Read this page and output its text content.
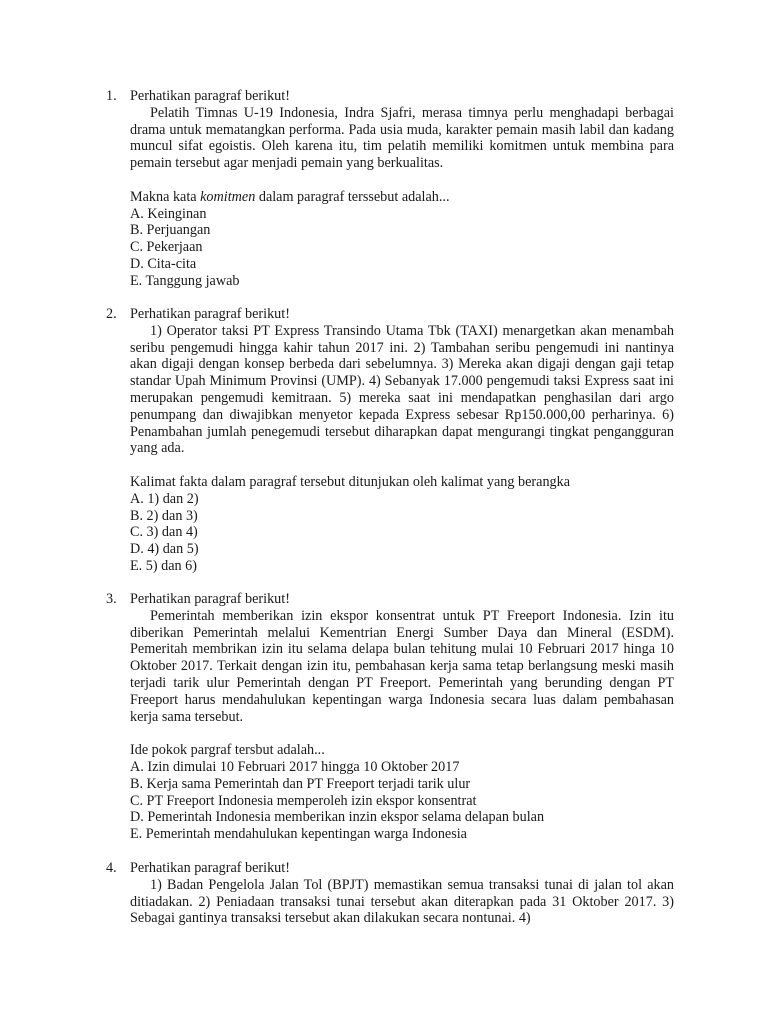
1. Perhatikan paragraf berikut!
Pelatih Timnas U-19 Indonesia, Indra Sjafri, merasa timnya perlu menghadapi berbagai drama untuk mematangkan performa. Pada usia muda, karakter pemain masih labil dan kadang muncul sifat egoistis. Oleh karena itu, tim pelatih memiliki komitmen untuk membina para pemain tersebut agar menjadi pemain yang berkualitas.
Makna kata komitmen dalam paragraf terssebut adalah...
A. Keinginan
B. Perjuangan
C. Pekerjaan
D. Cita-cita
E. Tanggung jawab
2. Perhatikan paragraf berikut!
1) Operator taksi PT Express Transindo Utama Tbk (TAXI) menargetkan akan menambah seribu pengemudi hingga kahir tahun 2017 ini. 2) Tambahan seribu pengemudi ini nantinya akan digaji dengan konsep berbeda dari sebelumnya. 3) Mereka akan digaji dengan gaji tetap standar Upah Minimum Provinsi (UMP). 4) Sebanyak 17.000 pengemudi taksi Express saat ini merupakan pengemudi kemitraan. 5) mereka saat ini mendapatkan penghasilan dari argo penumpang dan diwajibkan menyetor kepada Express sebesar Rp150.000,00 perharinya. 6) Penambahan jumlah penegemudi tersebut diharapkan dapat mengurangi tingkat pengangguran yang ada.
Kalimat fakta dalam paragraf tersebut ditunjukan oleh kalimat yang berangka
A. 1) dan 2)
B. 2) dan 3)
C. 3) dan 4)
D. 4) dan 5)
E. 5) dan 6)
3. Perhatikan paragraf berikut!
Pemerintah memberikan izin ekspor konsentrat untuk PT Freeport Indonesia. Izin itu diberikan Pemerintah melalui Kementrian Energi Sumber Daya dan Mineral (ESDM). Pemeritah membrikan izin itu selama delapa bulan tehitung mulai 10 Februari 2017 hinga 10 Oktober 2017. Terkait dengan izin itu, pembahasan kerja sama tetap berlangsung meski masih terjadi tarik ulur Pemerintah dengan PT Freeport. Pemerintah yang berunding dengan PT Freeport harus mendahulukan kepentingan warga Indonesia secara luas dalam pembahasan kerja sama tersebut.
Ide pokok pargraf tersbut adalah...
A. Izin dimulai 10 Februari 2017 hingga 10 Oktober 2017
B. Kerja sama Pemerintah dan PT Freeport terjadi tarik ulur
C. PT Freeport Indonesia memperoleh izin ekspor konsentrat
D. Pemerintah Indonesia memberikan inzin ekspor selama delapan bulan
E. Pemerintah mendahulukan kepentingan warga Indonesia
4. Perhatikan paragraf berikut!
1) Badan Pengelola Jalan Tol (BPJT) memastikan semua transaksi tunai di jalan tol akan ditiadakan. 2) Peniadaan transaksi tunai tersebut akan diterapkan pada 31 Oktober 2017. 3) Sebagai gantinya transaksi tersebut akan dilakukan secara nontunai. 4)
